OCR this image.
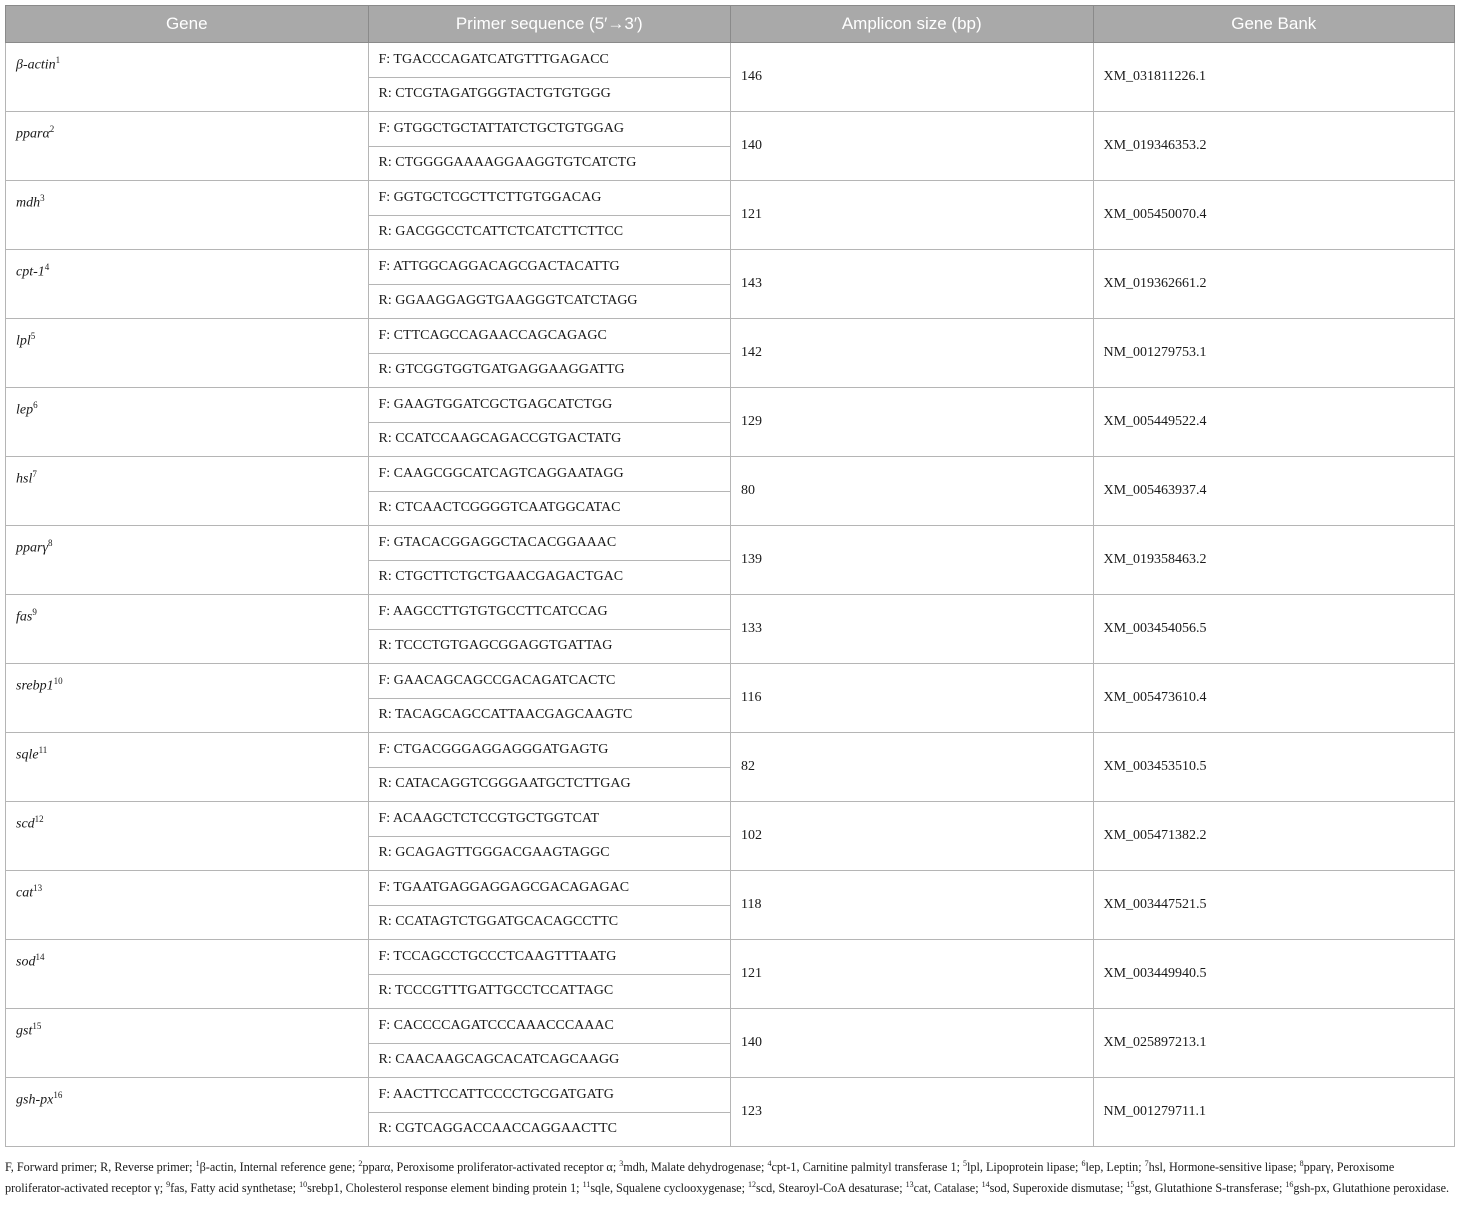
Gene	Primer sequence (5′→3′)	Amplicon size (bp)	Gene Bank
β-actin$^1$	F: TGACCCAGATCATGTTTGAGACC	146	XM_031811226.1
	R: CTCGTAGATGGGTACTGTGTGGG		
pparα$^2$	F: GTGGCTGCTATTATCTGCTGTGGAG	140	XM_019346353.2
	R: CTGGGGAAAAGGAAGGTGTCATCTG		
mdh$^3$	F: GGTGCTCGCTTCTTGTGGACAG	121	XM_005450070.4
	R: GACGGCCTCATTCTCATCTTCTTCC		
cpt-$1^4$	F: ATTGGCAGGACAGCGACTACATTG	143	XM_019362661.2
	R: GGAAGGAGGTGAAGGGTCATCTAGG		
lpl$^5$	F: CTTCAGCCAGAACCAGCAGAGC	142	NM_001279753.1
	R: GTCGGTGGTGATGAGGAAGGATTG		
lep$^6$	F: GAAGTGGATCGCTGAGCATCTGG	129	XM_005449522.4
	R: CCATCCAAGCAGACCGTGACTATG		
hsl$^7$	F: CAAGCGGCATCAGTCAGGAATAGG	80	XM_005463937.4
	R: CTCAACTCGGGGTCAATGGCATAC		
pparγ$^8$	F: GTACACGGAGGCTACACGGAAAC	139	XM_019358463.2
	R: CTGCTTCTGCTGAACGAGACTGAC		
fas$^9$	F: AAGCCTTGTGTGCCTTCATCCAG	133	XM_003454056.5
	R: TCCCTGTGAGCGGAGGTGATTAG		
$srebp1^{10}$	F: GAACAGCAGCCGACAGATCACTC	116	XM_005473610.4
	R: TACAGCAGCCATTAACGAGCAAGTC		
sqle$^{11}$	F: CTGACGGGAGGAGGGATGAGTG	82	XM_003453510.5
	R: CATACAGGTCGGGAATGCTCTTGAG		
scd$^{12}$	F: ACAAGCTCTCCGTGCTGGTCAT	102	XM_005471382.2
	R: GCAGAGTTGGGACGAAGTAGGC		
cat$^{13}$	F: TGAATGAGGAGGAGCGACAGAGAC	118	XM_003447521.5
	R: CCATAGTCTGGATGCACAGCCTTC		
sod$^{14}$	F: TCCAGCCTGCCCTCAAGTTTAATG	121	XM_003449940.5
	R: TCCCGTTTGATTGCCTCCATTAGC		
gst$^{15}$	F: CACCCCAGATCCCAAACCCAAAC	140	XM_025897213.1
	R: CAACAAGCAGCACATCAGCAAGG		
gsh-$px^{16}$	F: AACTTCCATTCCCCTGCGATGATG	123	NM_001279711.1
	R: CGTCAGGACCAACCAGGAACTTC		
F, Forward primer; R, Reverse primer; $^1$β-actin, Internal reference gene; $^2$pparα, Peroxisome proliferator-activated receptor α; $^3$mdh, Malate dehydrogenase; $^4$cpt-1, Carnitine palmityl transferase 1; $^5$lpl, Lipoprotein lipase; $^6$lep, Leptin; $^7$hsl, Hormone-sensitive lipase; $^8$pparγ, Peroxisome proliferator-activated receptor γ; $^9$fas, Fatty acid synthetase; $^{10}$srebp1, Cholesterol response element binding protein 1; $^{11}$sqle, Squalene cyclooxygenase; $^{12}$scd, Stearoyl-CoA desaturase; $^{13}$cat, Catalase; $^{14}$sod, Superoxide dismutase; $^{15}$gst, Glutathione S-transferase; $^{16}$gsh-px, Glutathione peroxidase.
